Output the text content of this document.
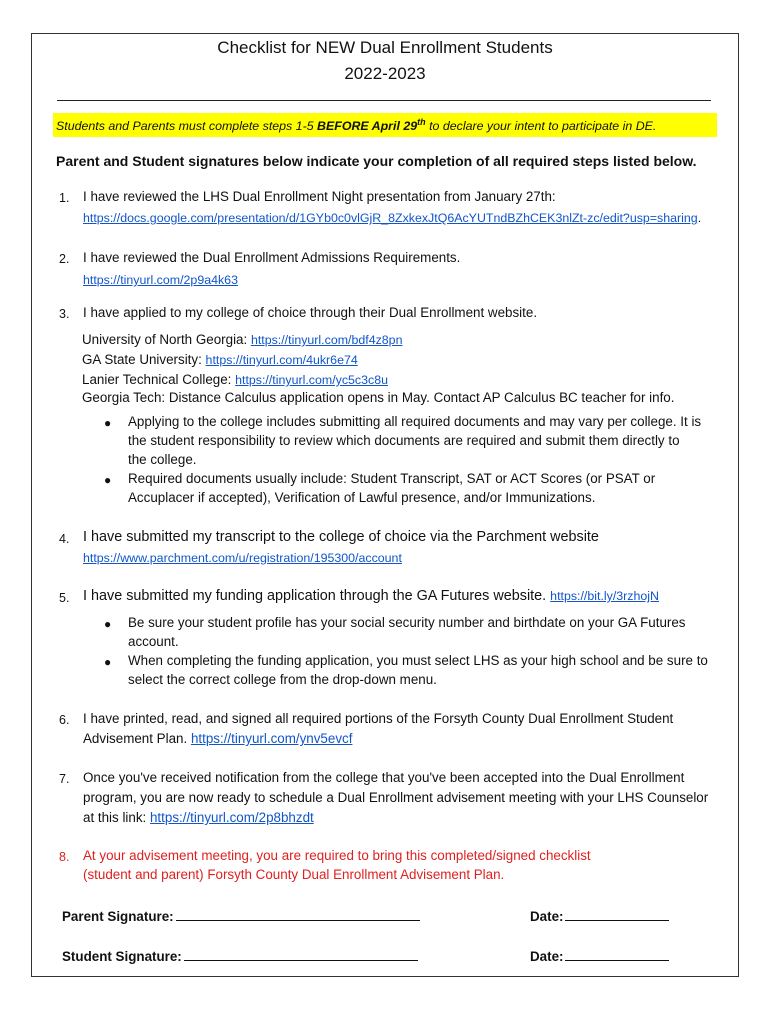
Checklist for NEW Dual Enrollment Students
2022-2023
Students and Parents must complete steps 1-5 BEFORE April 29th to declare your intent to participate in DE.
Parent and Student signatures below indicate your completion of all required steps listed below.
1. I have reviewed the LHS Dual Enrollment Night presentation from January 27th:
https://docs.google.com/presentation/d/1GYb0c0vlGjR_8ZxkexJtQ6AcYUTndBZhCEK3nlZt-zc/edit?usp=sharing.
2. I have reviewed the Dual Enrollment Admissions Requirements.
https://tinyurl.com/2p9a4k63
3. I have applied to my college of choice through their Dual Enrollment website.
University of North Georgia: https://tinyurl.com/bdf4z8pn
GA State University: https://tinyurl.com/4ukr6e74
Lanier Technical College: https://tinyurl.com/yc5c3c8u
Georgia Tech: Distance Calculus application opens in May. Contact AP Calculus BC teacher for info.
● Applying to the college includes submitting all required documents and may vary per college. It is
the student responsibility to review which documents are required and submit them directly to
the college.
● Required documents usually include: Student Transcript, SAT or ACT Scores (or PSAT or
Accuplacer if accepted), Verification of Lawful presence, and/or Immunizations.
4. I have submitted my transcript to the college of choice via the Parchment website
https://www.parchment.com/u/registration/195300/account
5. I have submitted my funding application through the GA Futures website. https://bit.ly/3rzhojN
● Be sure your student profile has your social security number and birthdate on your GA Futures
account.
● When completing the funding application, you must select LHS as your high school and be sure to
select the correct college from the drop-down menu.
6. I have printed, read, and signed all required portions of the Forsyth County Dual Enrollment Student
Advisement Plan. https://tinyurl.com/ynv5evcf
7. Once you've received notification from the college that you've been accepted into the Dual Enrollment
program, you are now ready to schedule a Dual Enrollment advisement meeting with your LHS Counselor
at this link: https://tinyurl.com/2p8bhzdt
8. At your advisement meeting, you are required to bring this completed/signed checklist
(student and parent) Forsyth County Dual Enrollment Advisement Plan.
Parent Signature:	Date:
Student Signature:	Date:
